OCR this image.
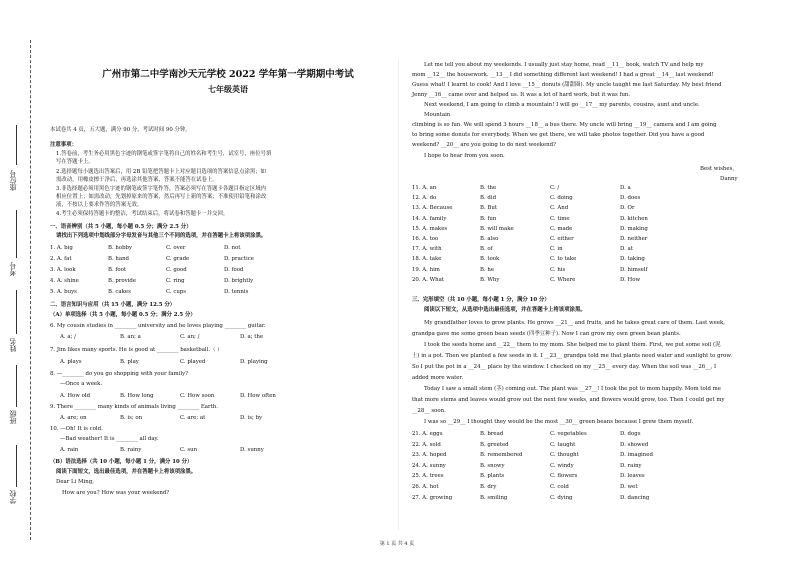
座位号
考号
姓名
班级
学校
广州市第二中学南沙天元学校 2022 学年第一学期期中考试
七年级英语
本试卷共 4 页，五大题，满分 90 分，考试时间 90 分钟。
注意事项：
1.答卷前，考生务必用黑色字迹的钢笔或签字笔将自己的姓名和考生号，试室号，座位号填
写在答题卡上。
2.选择题每小题选出答案后，用 2B 铅笔把答题卡上对应题目选项的答案信息点涂黑；如
需改动，用橡皮擦干净后，再选涂其他答案，答案不能答在试卷上。
3.非选择题必须用黑色字迹的钢笔或签字笔作答，答案必须写在答题卡各题目指定区域内
相应位置上；如需改动，先划掉原来的答案，然后再写上新的答案；不准使用铅笔和涂改
液，不按以上要求作答的答案无效。
4.考生必须保持答题卡的整洁，考试结束后，将试卷和答题卡一并交回。
一、语音辨别（共 5 小题，每小题 0.5 分；满分 2.5 分）
请找出下列选项中划线部分字母发音与其他三个不同的选项，并在答题卡上将该项涂黑。
1. A. big	B. hobby	C. over	D. not
2. A. fat	B. hand	C. grade	D. practice
3. A. look	B. foot	C. good	D. food
4. A. shine	B. provide	C. ring	D. brightly
5. A. buys	B. cakes	C. cups	D. tennis
二、语言知识与应用（共 15 小题，满分 12.5 分）
（A）单项选择（共 5 小题，每小题 0.5 分；满分 2.5 分）
6. My cousin studies in ________ university and he loves playing ________ guitar.
A. a; /	B. an; a	C. an; /	D. a; the
7. Jim likes many sports. He is good at ________ basketball.（ ）
A. plays	B. play	C. played	D. playing
8. —________ do you go shopping with your family?
—Once a week.
A. How old	B. How long	C. How soon	D. How often
9. There ________ many kinds of animals living ________ Earth.
A. are; on	B. is; on	C. are; at	D. is; by
10. —Oh! It is cold.
—Bad weather! It is ________ all day.
A. rain	B. rainy	C. sun	D. sunny
（B）语法选择（共 10 小题，每小题 1 分，满分 10 分）
阅读下面短文，选出最佳选项，并在答题卡上将该项涂黑。
Dear Li Ming,
How are you? How was your weekend?
Let me tell you about my weekends. I usually just stay home, read __11__ book, watch TV and help my
mom __12__ the housework. __13__ I did something different last weekend! I had a great __14__ last weekend!
Guess what! I learnt to cook! And I love __15__ donuts (甜甜圈). My uncle taught me last Saturday. My best friend
Jenny __16__ came over and helped us. It was a lot of hard work, but it was fun.
Next weekend, I am going to climb a mountain! I will go __17__ my parents, cousins, aunt and uncle.
Mountain
climbing is so fun. We will spend 3 hours __18__ a bus there. My uncle will bring __19__ camera and I am going
to bring some donuts for everybody. When we get there, we will take photos together. Did you have a good
weekend? __20__ are you going to do next weekend?
I hope to hear from you soon.
Best wishes,
Danny
11. A. an	B. the	C. /	D. a
12. A. do	B. did	C. doing	D. does
13. A. Because	B. But	C. And	D. Or
14. A. family	B. fun	C. time	D. kitchen
15. A. makes	B. will make	C. made	D. making
16. A. too	B. also	C. either	D. neither
17. A. with	B. of	C. in	D. at
18. A. take	B. took	C. to take	D. taking
19. A. him	B. he	C. his	D. himself
20. A. What	B. Why	C. Where	D. How
三、完形填空（共 10 小题，每小题 1 分，满分 10 分）
阅读以下短文，从选项中选出最佳选项，并在答题卡上将该项涂黑。
My grandfather loves to grow plants. He grows __21__ and fruits, and he takes great care of them. Last week,
grandpa gave me some green bean seeds (四季豆种子). Now I can grow my own green bean plants.
I took the seeds home and __22__ them to my mom. She helped me to plant them. First, we put some soil (泥
土) in a pot. Then we planted a few seeds in it. I __23__ grandpa told me that plants need water and sunlight to grow.
So I put the pot in a __24__ place by the window. I checked on my __25__ every day. When the soil was __26__, I
added more water.
Today I saw a small stem (茎) coming out. The plant was __27__! I took the pot to mom happily. Mom told me
that more stems and leaves would grow out the next few weeks, and flowers would grow, too. Then I could get my
__28__ soon.
I was so __29__ I thought they would be the most __30__ green beans because I grew them myself.
21. A. eggs	B. bread	C. vegetables	D. dogs
22. A. sold	B. greeted	C. taught	D. showed
23. A. hoped	B. remembered	C. thought	D. imagined
24. A. sunny	B. snowy	C. windy	D. rainy
25. A. trees	B. plants	C. flowers	D. leaves
26. A. hot	B. dry	C. cold	D. wet
27. A. growing	B. smiling	C. dying	D. dancing
第 1 页 共 4 页
